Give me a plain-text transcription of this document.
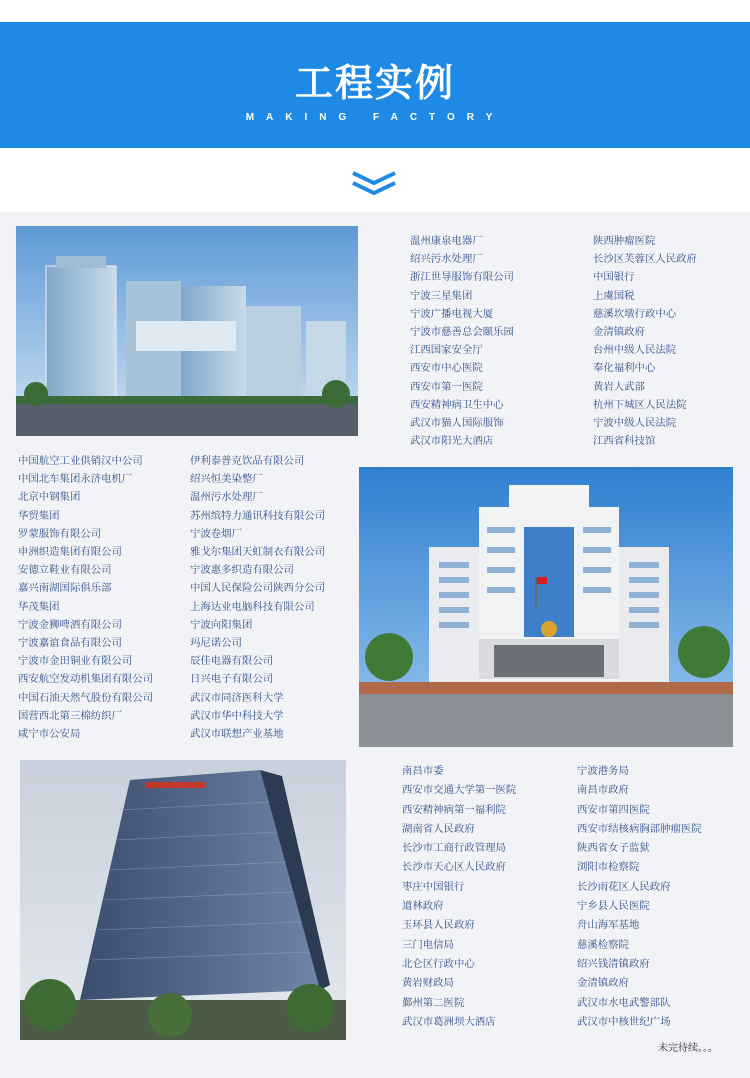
工程实例
MAKING FACTORY
温州康泉电器厂
绍兴污水处理厂
浙江世导服饰有限公司
宁波三星集团
宁波广播电视大厦
宁波市慈善总会颐乐园
江西国家安全厅
西安市中心医院
西安市第一医院
西安精神病卫生中心
武汉市猫人国际服饰
武汉市阳光大酒店
陕西肿瘤医院
长沙区芙蓉区人民政府
中国银行
上虞国税
慈溪坎墩行政中心
金清镇政府
台州中级人民法院
奉化福利中心
黄岩人武部
杭州下城区人民法院
宁波中级人民法院
江西省科技馆
中国航空工业供销汉中公司
中国北车集团永济电机厂
北京中钢集团
华贸集团
罗蒙服饰有限公司
申洲织造集团有限公司
安德立鞋业有限公司
嘉兴南湖国际俱乐部
华茂集团
宁波金狮啤酒有限公司
宁波嘉谊食品有限公司
宁波市金田铜业有限公司
西安航空发动机集团有限公司
中国石油天然气股份有限公司
国营西北第三棉纺织厂
咸宁市公安局
伊利泰普克饮品有限公司
绍兴恒美染整厂
温州污水处理厂
苏州缤特力通讯科技有限公司
宁波卷烟厂
雅戈尔集团天虹制衣有限公司
宁波惠多织造有限公司
中国人民保险公司陕西分公司
上海达业电脑科技有限公司
宁波向阳集团
玛尼诺公司
辰佳电器有限公司
日兴电子有限公司
武汉市同济医科大学
武汉市华中科技大学
武汉市联想产业基地
南昌市委
西安市交通大学第一医院
西安精神病第一福利院
湖南省人民政府
长沙市工商行政管理局
长沙市天心区人民政府
枣庄中国银行
道林政府
玉环县人民政府
三门电信局
北仑区行政中心
黄岩财政局
鄞州第二医院
武汉市葛洲坝大酒店
宁波港务局
南昌市政府
西安市第四医院
西安市结核病胸部肿瘤医院
陕西省女子监狱
浏阳市检察院
长沙雨花区人民政府
宁乡县人民医院
舟山海军基地
慈溪检察院
绍兴钱清镇政府
金清镇政府
武汉市水电武警部队
武汉市中核世纪广场
未完待续。。。
